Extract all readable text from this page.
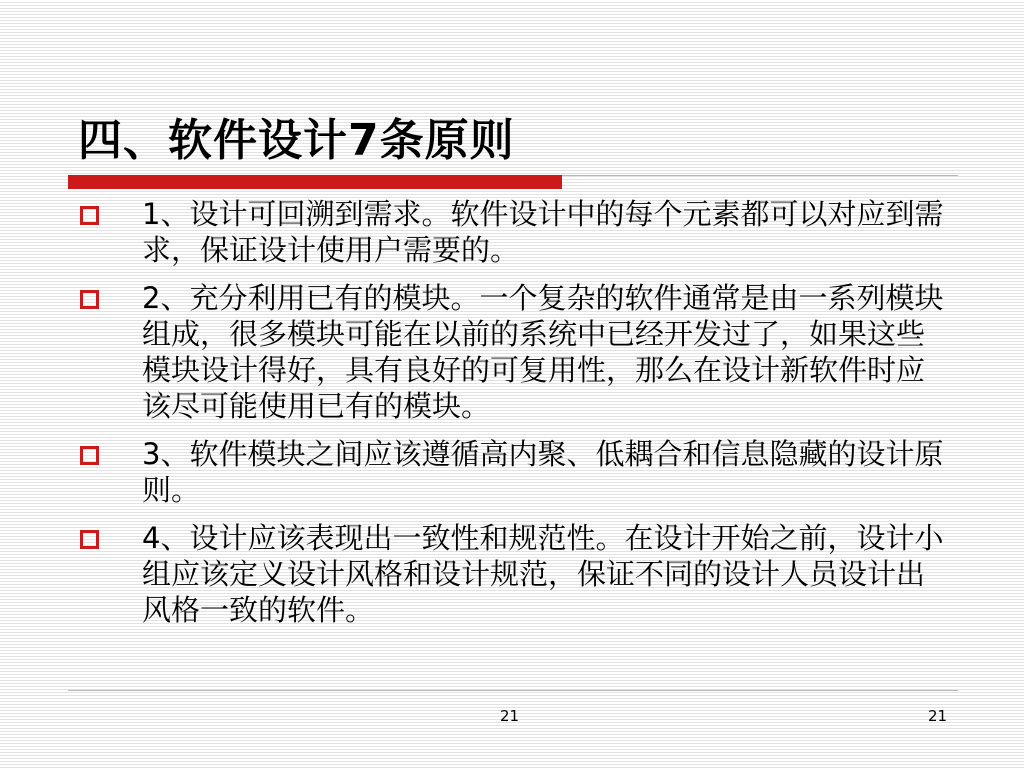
四、软件设计7条原则
1、设计可回溯到需求。软件设计中的每个元素都可以对应到需求，保证设计使用户需要的。
2、充分利用已有的模块。一个复杂的软件通常是由一系列模块组成，很多模块可能在以前的系统中已经开发过了，如果这些模块设计得好，具有良好的可复用性，那么在设计新软件时应该尽可能使用已有的模块。
3、软件模块之间应该遵循高内聚、低耦合和信息隐藏的设计原则。
4、设计应该表现出一致性和规范性。在设计开始之前，设计小组应该定义设计风格和设计规范，保证不同的设计人员设计出风格一致的软件。
21	21
